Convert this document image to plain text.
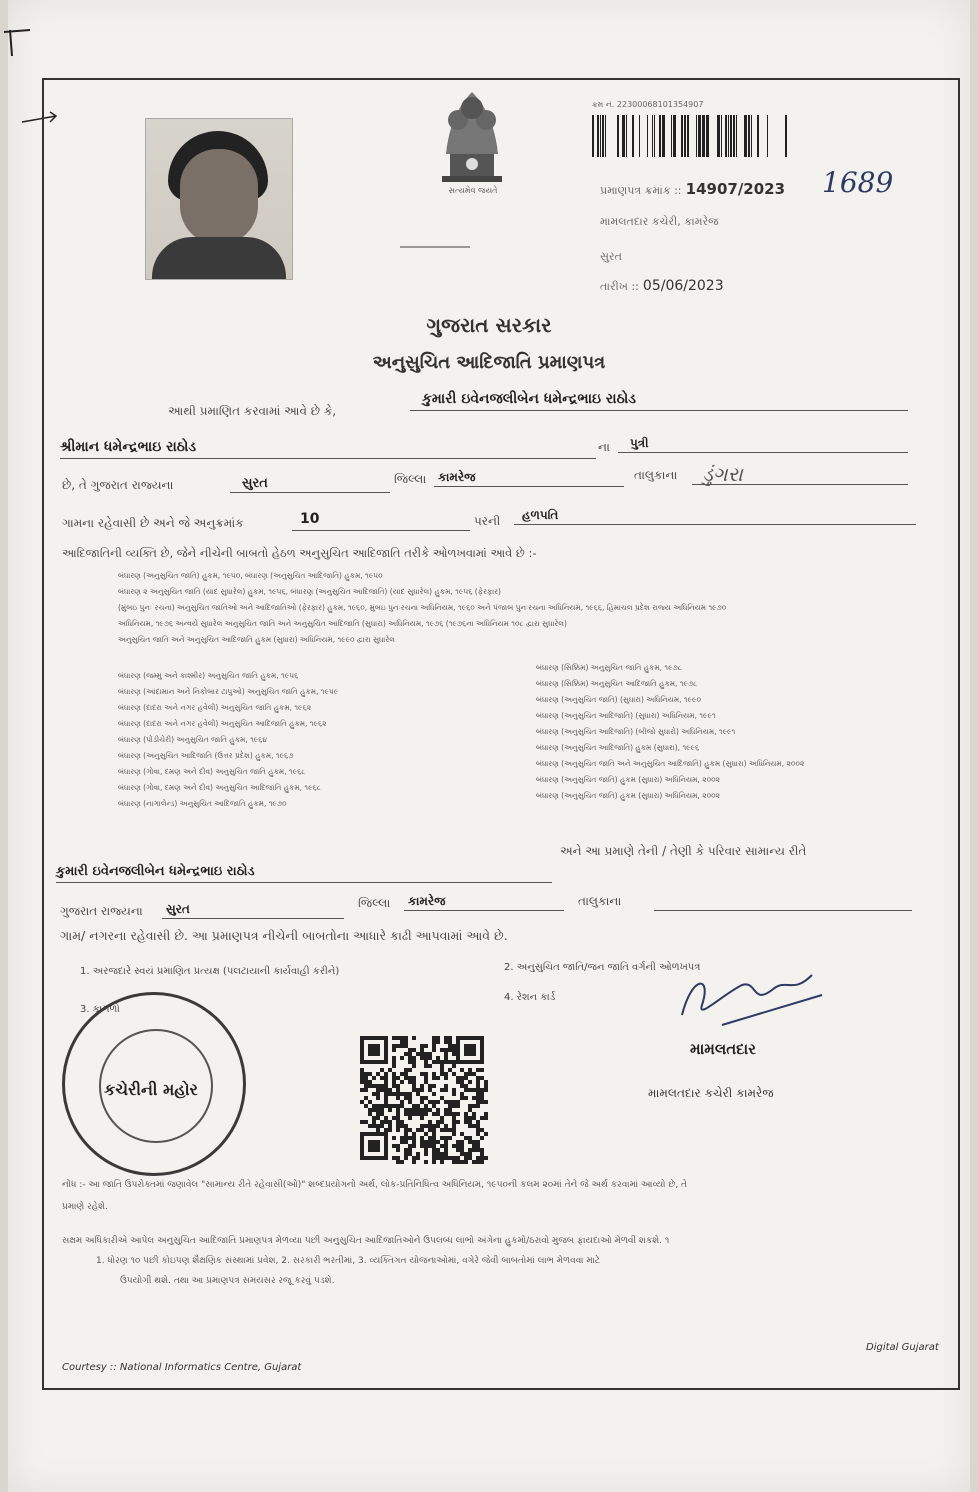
સત્યમેવ જયતે
ક્રમ નં. 22300068101354907
પ્રમાણપત્ર ક્રમાંક :: 14907/2023 1689
મામલતદાર કચેરી, કામરેજ
સુરત
તારીખ :: 05/06/2023
ગુજરાત સરકાર
અનુસુચિત આદિજાતિ પ્રમાણપત્ર
આથી પ્રમાણિત કરવામાં આવે છે કે,
કુમારી ઇવેનજલીબેન ધમેન્દ્રભાઇ રાઠોડ
શ્રીમાન ધમેન્દ્રભાઇ રાઠોડ	ના	પુત્રી
છે, તે ગુજરાત રાજ્યના	સુરત	જિલ્લા કામરેજ	તાલુકાના	ડુંગરા
ગામના રહેવાસી છે અને જે અનુક્રમાંક	10	પરની	હળપતિ
આદિજાતિની વ્યક્તિ છે, જેને નીચેની બાબતો હેઠળ અનુસુચિત આદિજાતિ તરીકે ઓળખવામાં આવે છે :-
બંધારણ (અનુસુચિત જાતિ) હુકમ, ૧૯૫૦, બંધારણ (અનુસુચિત આદિજાતિ) હુકમ, ૧૯૫૦
બંધારણ ૨ અનુસુચિત જાતિ (યાદ સુધારેલ) હુકમ, ૧૯૫૬, બંધારણ (અનુસુચિત આદિજાતિ) (યાદ સુધારેલ) હુકમ, ૧૯૫૬ (ફેરફાર)
(મુંબઇ પુનઃ રચના) અનુસુચિત જાતિઓ અને આદિજાતિઓ (ફેરફાર) હુકમ, ૧૯૬૦, મુંબઇ પુનઃરચના અધિનિયમ, ૧૯૬૦ અને પંજાબ પુનઃરચના અધિનિયમ, ૧૯૬૬, હિમાચલ પ્રદેશ રાજ્ય અધિનિયમ ૧૯૭૦
અધિનિયમ, ૧૯૭૬ અન્વયે સુધારેલ અનુસુચિત જાતિ અને અનુસુચિત આદિજાતિ (સુધારા) અધિનિયમ, ૧૯૭૬ (૧૯૭૬ના અધિનિયમ ૧૦૮ દ્વારા સુધારેલ)
અનુસુચિત જાતિ અને અનુસુચિત આદિજાતિ હુકમ (સુધારા) અધિનિયમ, ૧૯૯૦ દ્વારા સુધારેલ
બંધારણ (જમ્મુ અને કાશ્મીર) અનુસુચિત જાતિ હુકમ, ૧૯૫૬
બંધારણ (આંદામાન અને નિકોબાર ટાપુઓ) અનુસુચિત જાતિ હુકમ, ૧૯૫૯
બંધારણ (દાદરા અને નગર હવેલી) અનુસુચિત જાતિ હુકમ, ૧૯૬૨
બંધારણ (દાદરા અને નગર હવેલી) અનુસુચિત આદિજાતિ હુકમ, ૧૯૬૨
બંધારણ (પોંડીચેરી) અનુસુચિત જાતિ હુકમ, ૧૯૬૪
બંધારણ (અનુસુચિત આદિજાતિ (ઉત્તર પ્રદેશ) હુકમ, ૧૯૬૭
બંધારણ (ગોવા, દમણ અને દીવ) અનુસુચિત જાતિ હુકમ, ૧૯૬૮
બંધારણ (ગોવા, દમણ અને દીવ) અનુસુચિત આદિજાતિ હુકમ, ૧૯૬૮
બંધારણ (નાગાલેન્ડ) અનુસુચિત આદિજાતિ હુકમ, ૧૯૭૦
બંધારણ (સિક્કિમ) અનુસુચિત જાતિ હુકમ, ૧૯૭૮
બંધારણ (સિક્કિમ) અનુસુચિત આદિજાતિ હુકમ, ૧૯૭૮
બંધારણ (અનુસુચિત જાતિ) (સુધારા) અધિનિયમ, ૧૯૯૦
બંધારણ (અનુસુચિત આદિજાતિ) (સુધારા) અધિનિયમ, ૧૯૯૧
બંધારણ (અનુસુચિત આદિજાતિ) (બીજો સુધારો) અધિનિયમ, ૧૯૯૧
બંધારણ (અનુસુચિત આદિજાતિ) હુકમ (સુધારા), ૧૯૯૬
બંધારણ (અનુસુચિત જાતિ અને અનુસુચિત આદિજાતિ) હુકમ (સુધારા) અધિનિયમ, ૨૦૦૨
બંધારણ (અનુસુચિત જાતિ) હુકમ (સુધારા) અધિનિયમ, ૨૦૦૨
બંધારણ (અનુસુચિત જાતિ) હુકમ (સુધારા) અધિનિયમ, ૨૦૦૨
અને આ પ્રમાણે તેની / તેણી કે પરિવાર સામાન્ય રીતે
કુમારી ઇવેનજલીબેન ધમેન્દ્રભાઇ રાઠોડ
ગુજરાત રાજ્યના	સુરત	જિલ્લા	કામરેજ	તાલુકાના
ગામ/ નગરના રહેવાસી છે. આ પ્રમાણપત્ર નીચેની બાબતોના આધારે કાઢી આપવામાં આવે છે.
1. અરજદારે સ્વયં પ્રમાણિત પ્રત્યક્ષ (પલટાયાની કાર્યવાહી કરીને)	2. અનુસુચિત જાતિ/જન જાતિ વર્ગની ઓળખપત્ર
3. કાગળો
4. રેશન કાર્ડ
કચેરીની મહોર
મામલતદાર
મામલતદાર કચેરી કામરેજ
નોંધ :- આ જાતિ ઉપરોક્તમાં જણાવેલ "સામાન્ય રીતે રહેવાસી(ઓ)" શબ્દપ્રયોગનો અર્થ, લોક-પ્રતિનિધિત્વ અધિનિયમ, ૧૯૫૦ની કલમ ૨૦માં તેને જે અર્થ કરવામાં આવ્યો છે, તે
પ્રમાણે રહેશે.
સક્ષમ અધિકારીએ આપેલ અનુસુચિત આદિજાતિ પ્રમાણપત્ર મેળવ્યા પછી અનુસુચિત આદિજાતિઓને ઉપલબ્ધ લાભો અંગેના હુકમો/ઠરાવો મુજબ ફાયદાઓ મેળવી શકશે. ૧
1. ધોરણ ૧૦ પછી કોઇપણ શૈક્ષણિક સંસ્થામાં પ્રવેશ, 2. સરકારી ભરતીમાં, 3. વ્યક્તિગત યોજનાઓમાં, વગેરે જેવી બાબતોમાં લાભ મેળવવા માટે
ઉપયોગી થશે. તથા આ પ્રમાણપત્ર સમયસર રજૂ કરવું પડશે.
Courtesy :: National Informatics Centre, Gujarat
Digital Gujarat
